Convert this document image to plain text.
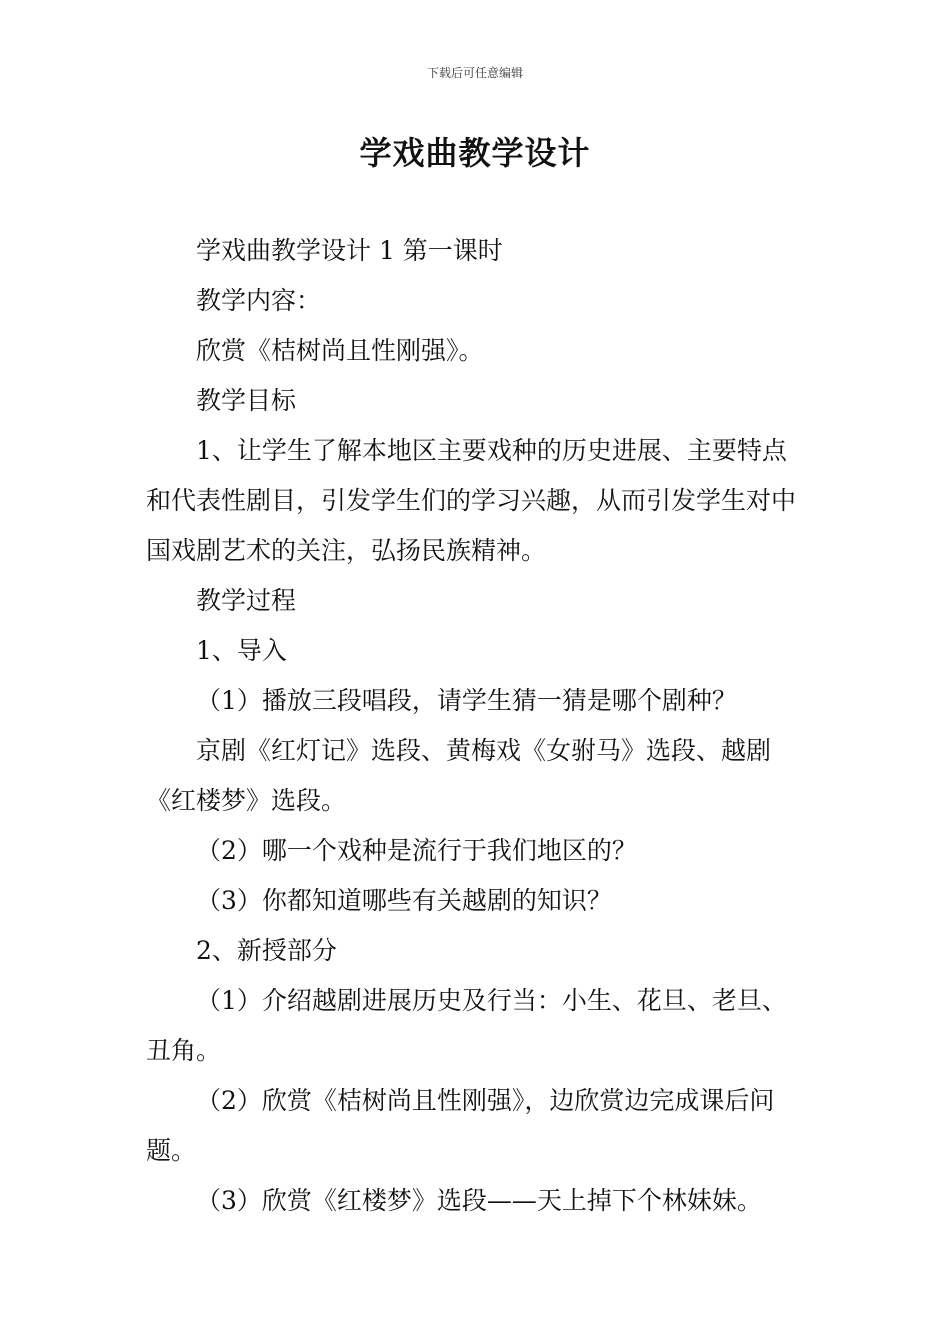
下载后可任意编辑
学戏曲教学设计

学戏曲教学设计 1 第一课时

教学内容：

欣赏《桔树尚且性刚强》。

教学目标

1、让学生了解本地区主要戏种的历史进展、主要特点和代表性剧目，引发学生们的学习兴趣，从而引发学生对中国戏剧艺术的关注，弘扬民族精神。

教学过程

1、导入

（1）播放三段唱段，请学生猜一猜是哪个剧种？

京剧《红灯记》选段、黄梅戏《女驸马》选段、越剧《红楼梦》选段。

（2）哪一个戏种是流行于我们地区的？

（3）你都知道哪些有关越剧的知识？

2、新授部分

（1）介绍越剧进展历史及行当：小生、花旦、老旦、丑角。

（2）欣赏《桔树尚且性刚强》，边欣赏边完成课后问题。

（3）欣赏《红楼梦》选段——天上掉下个林妹妹。
